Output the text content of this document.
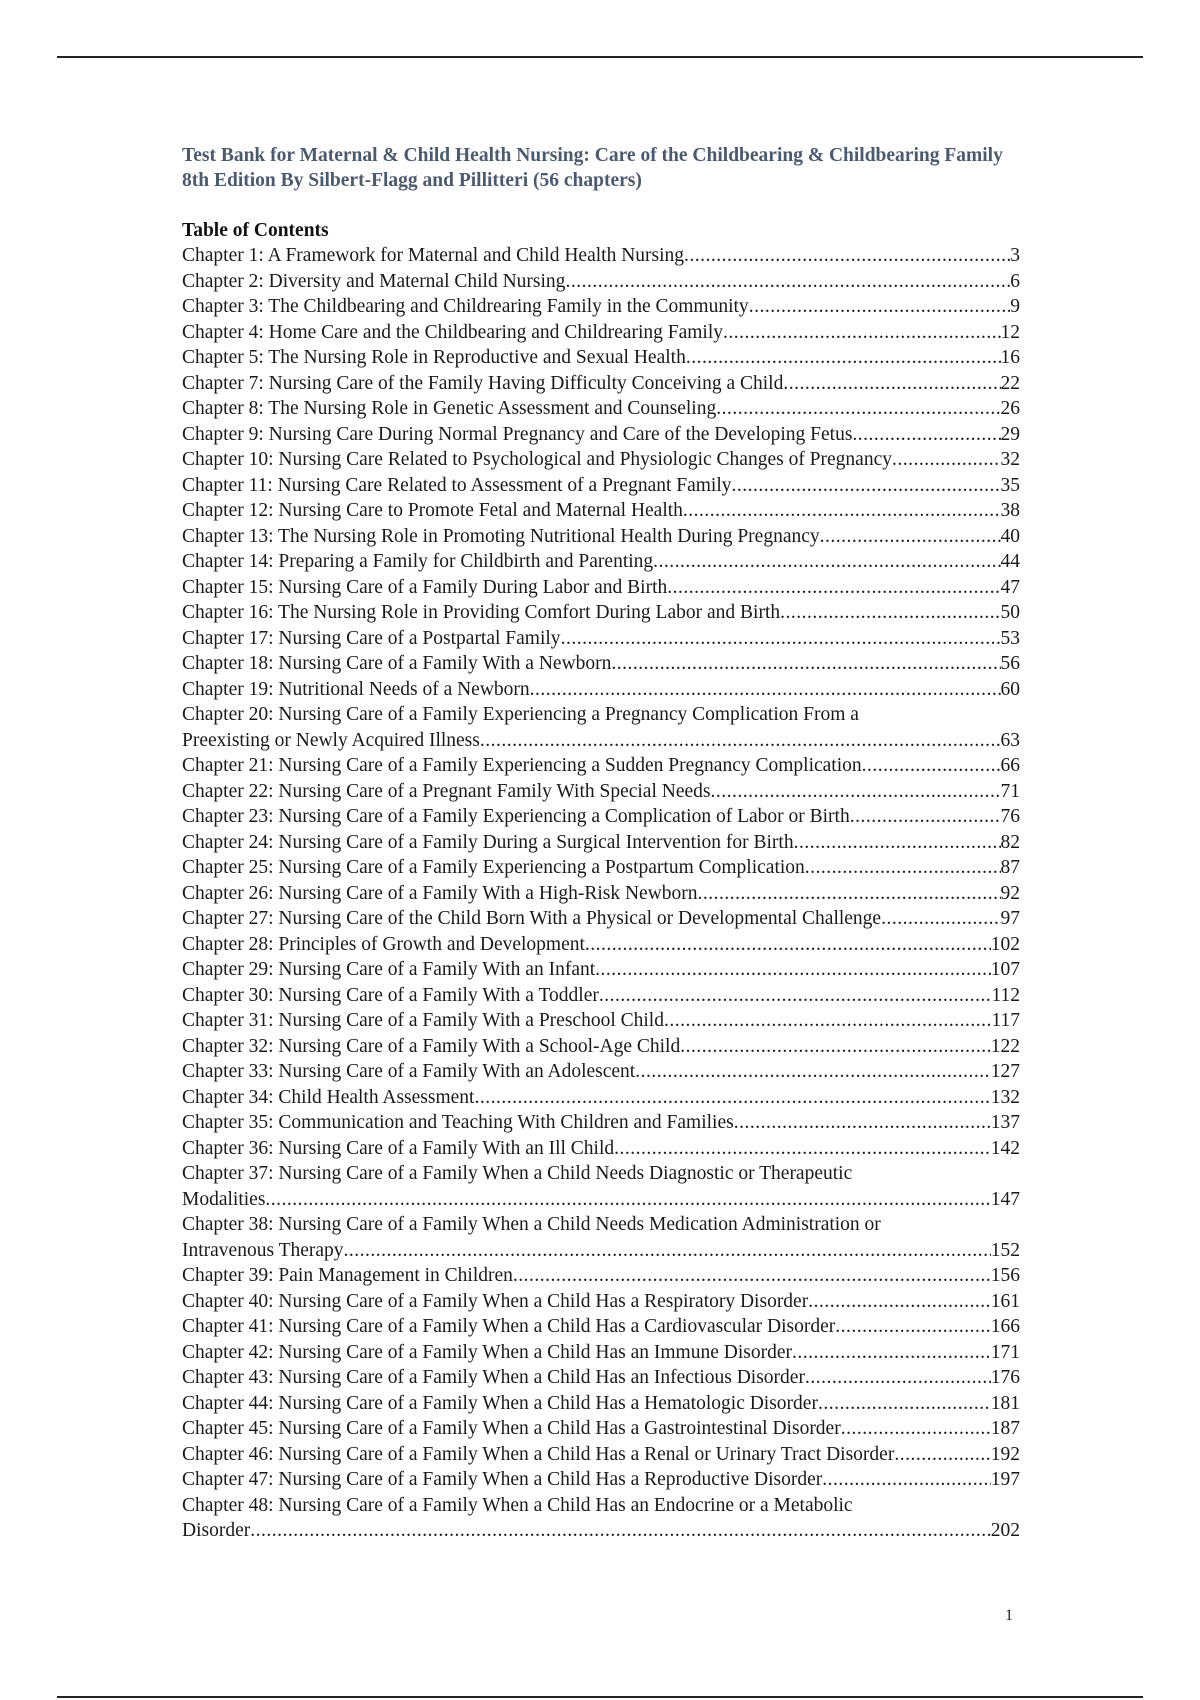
Test Bank for Maternal & Child Health Nursing: Care of the Childbearing & Childbearing Family 8th Edition By Silbert-Flagg and Pillitteri (56 chapters)
Table of Contents
Chapter 1: A Framework for Maternal and Child Health Nursing .....	3
Chapter 2: Diversity and Maternal Child Nursing .....	6
Chapter 3: The Childbearing and Childrearing Family in the Community .....	9
Chapter 4: Home Care and the Childbearing and Childrearing Family .....	12
Chapter 5: The Nursing Role in Reproductive and Sexual Health .....	16
Chapter 7: Nursing Care of the Family Having Difficulty Conceiving a Child .....	22
Chapter 8: The Nursing Role in Genetic Assessment and Counseling .....	26
Chapter 9: Nursing Care During Normal Pregnancy and Care of the Developing Fetus .....	29
Chapter 10: Nursing Care Related to Psychological and Physiologic Changes of Pregnancy .....	32
Chapter 11: Nursing Care Related to Assessment of a Pregnant Family .....	35
Chapter 12: Nursing Care to Promote Fetal and Maternal Health .....	38
Chapter 13: The Nursing Role in Promoting Nutritional Health During Pregnancy .....	40
Chapter 14: Preparing a Family for Childbirth and Parenting .....	44
Chapter 15: Nursing Care of a Family During Labor and Birth .....	47
Chapter 16: The Nursing Role in Providing Comfort During Labor and Birth .....	50
Chapter 17: Nursing Care of a Postpartal Family .....	53
Chapter 18: Nursing Care of a Family With a Newborn .....	56
Chapter 19: Nutritional Needs of a Newborn .....	60
Chapter 20: Nursing Care of a Family Experiencing a Pregnancy Complication From a
Preexisting or Newly Acquired Illness .....	63
Chapter 21: Nursing Care of a Family Experiencing a Sudden Pregnancy Complication .....	66
Chapter 22: Nursing Care of a Pregnant Family With Special Needs .....	71
Chapter 23: Nursing Care of a Family Experiencing a Complication of Labor or Birth .....	76
Chapter 24: Nursing Care of a Family During a Surgical Intervention for Birth .....	82
Chapter 25: Nursing Care of a Family Experiencing a Postpartum Complication .....	87
Chapter 26: Nursing Care of a Family With a High-Risk Newborn .....	92
Chapter 27: Nursing Care of the Child Born With a Physical or Developmental Challenge .....	97
Chapter 28: Principles of Growth and Development .....	102
Chapter 29: Nursing Care of a Family With an Infant .....	107
Chapter 30: Nursing Care of a Family With a Toddler .....	112
Chapter 31: Nursing Care of a Family With a Preschool Child .....	117
Chapter 32: Nursing Care of a Family With a School-Age Child .....	122
Chapter 33: Nursing Care of a Family With an Adolescent .....	127
Chapter 34: Child Health Assessment .....	132
Chapter 35: Communication and Teaching With Children and Families .....	137
Chapter 36: Nursing Care of a Family With an Ill Child .....	142
Chapter 37: Nursing Care of a Family When a Child Needs Diagnostic or Therapeutic
Modalities .....	147
Chapter 38: Nursing Care of a Family When a Child Needs Medication Administration or
Intravenous Therapy .....	152
Chapter 39: Pain Management in Children .....	156
Chapter 40: Nursing Care of a Family When a Child Has a Respiratory Disorder .....	161
Chapter 41: Nursing Care of a Family When a Child Has a Cardiovascular Disorder .....	166
Chapter 42: Nursing Care of a Family When a Child Has an Immune Disorder .....	171
Chapter 43: Nursing Care of a Family When a Child Has an Infectious Disorder .....	176
Chapter 44: Nursing Care of a Family When a Child Has a Hematologic Disorder .....	181
Chapter 45: Nursing Care of a Family When a Child Has a Gastrointestinal Disorder .....	187
Chapter 46: Nursing Care of a Family When a Child Has a Renal or Urinary Tract Disorder .....	192
Chapter 47: Nursing Care of a Family When a Child Has a Reproductive Disorder .....	197
Chapter 48: Nursing Care of a Family When a Child Has an Endocrine or a Metabolic
Disorder .....	202
1
